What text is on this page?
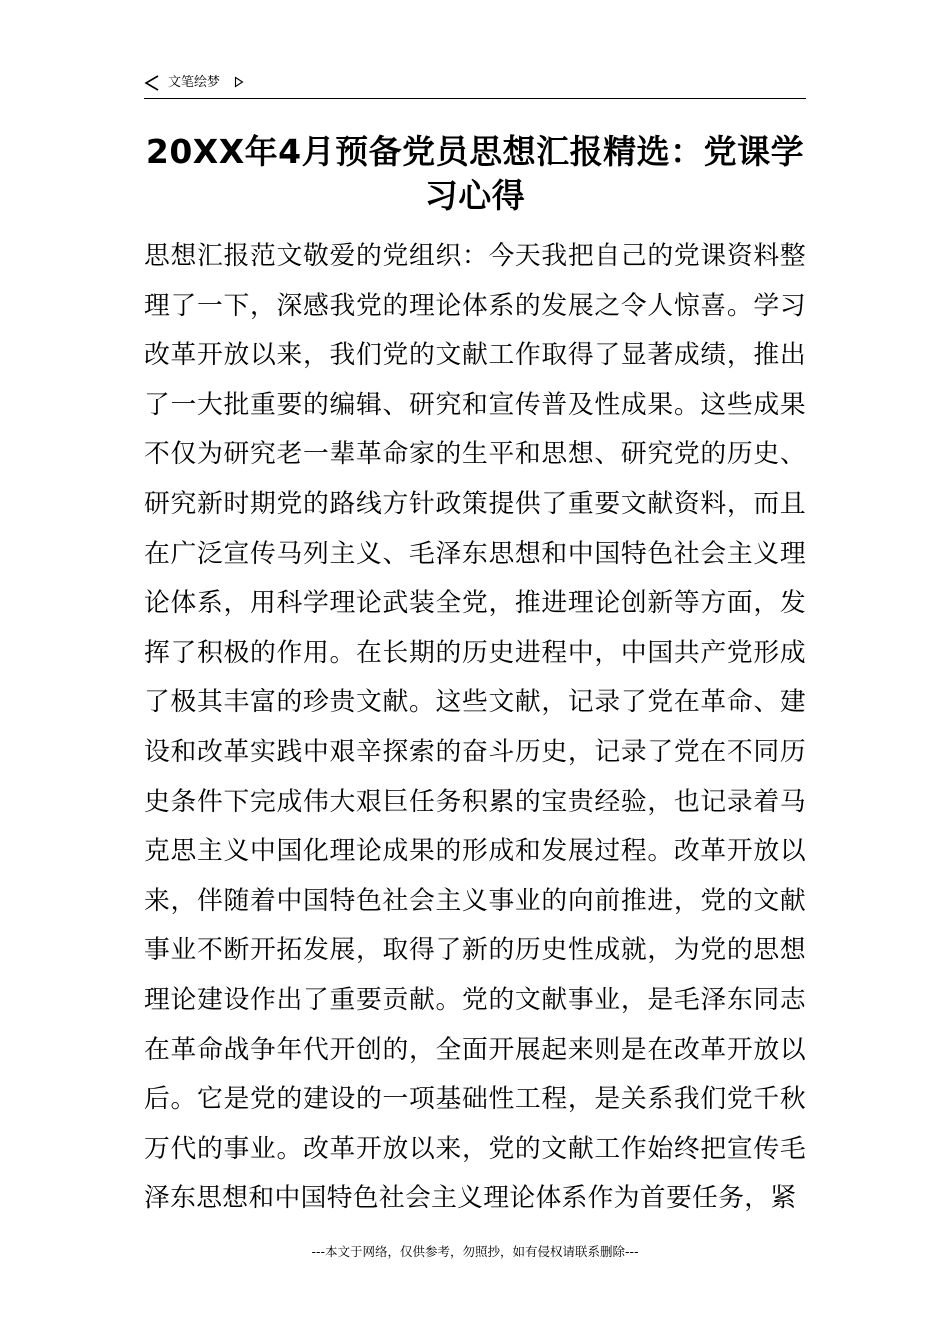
文笔绘梦
20XX年4月预备党员思想汇报精选：党课学习心得
思想汇报范文敬爱的党组织：今天我把自己的党课资料整理了一下，深感我党的理论体系的发展之令人惊喜。学习改革开放以来，我们党的文献工作取得了显著成绩，推出了一大批重要的编辑、研究和宣传普及性成果。这些成果不仅为研究老一辈革命家的生平和思想、研究党的历史、研究新时期党的路线方针政策提供了重要文献资料，而且在广泛宣传马列主义、毛泽东思想和中国特色社会主义理论体系，用科学理论武装全党，推进理论创新等方面，发挥了积极的作用。在长期的历史进程中，中国共产党形成了极其丰富的珍贵文献。这些文献，记录了党在革命、建设和改革实践中艰辛探索的奋斗历史，记录了党在不同历史条件下完成伟大艰巨任务积累的宝贵经验，也记录着马克思主义中国化理论成果的形成和发展过程。改革开放以来，伴随着中国特色社会主义事业的向前推进，党的文献事业不断开拓发展，取得了新的历史性成就，为党的思想理论建设作出了重要贡献。党的文献事业，是毛泽东同志在革命战争年代开创的，全面开展起来则是在改革开放以后。它是党的建设的一项基础性工程，是关系我们党千秋万代的事业。改革开放以来，党的文献工作始终把宣传毛泽东思想和中国特色社会主义理论体系作为首要任务，紧
---本文于网络，仅供参考，勿照抄，如有侵权请联系删除---
